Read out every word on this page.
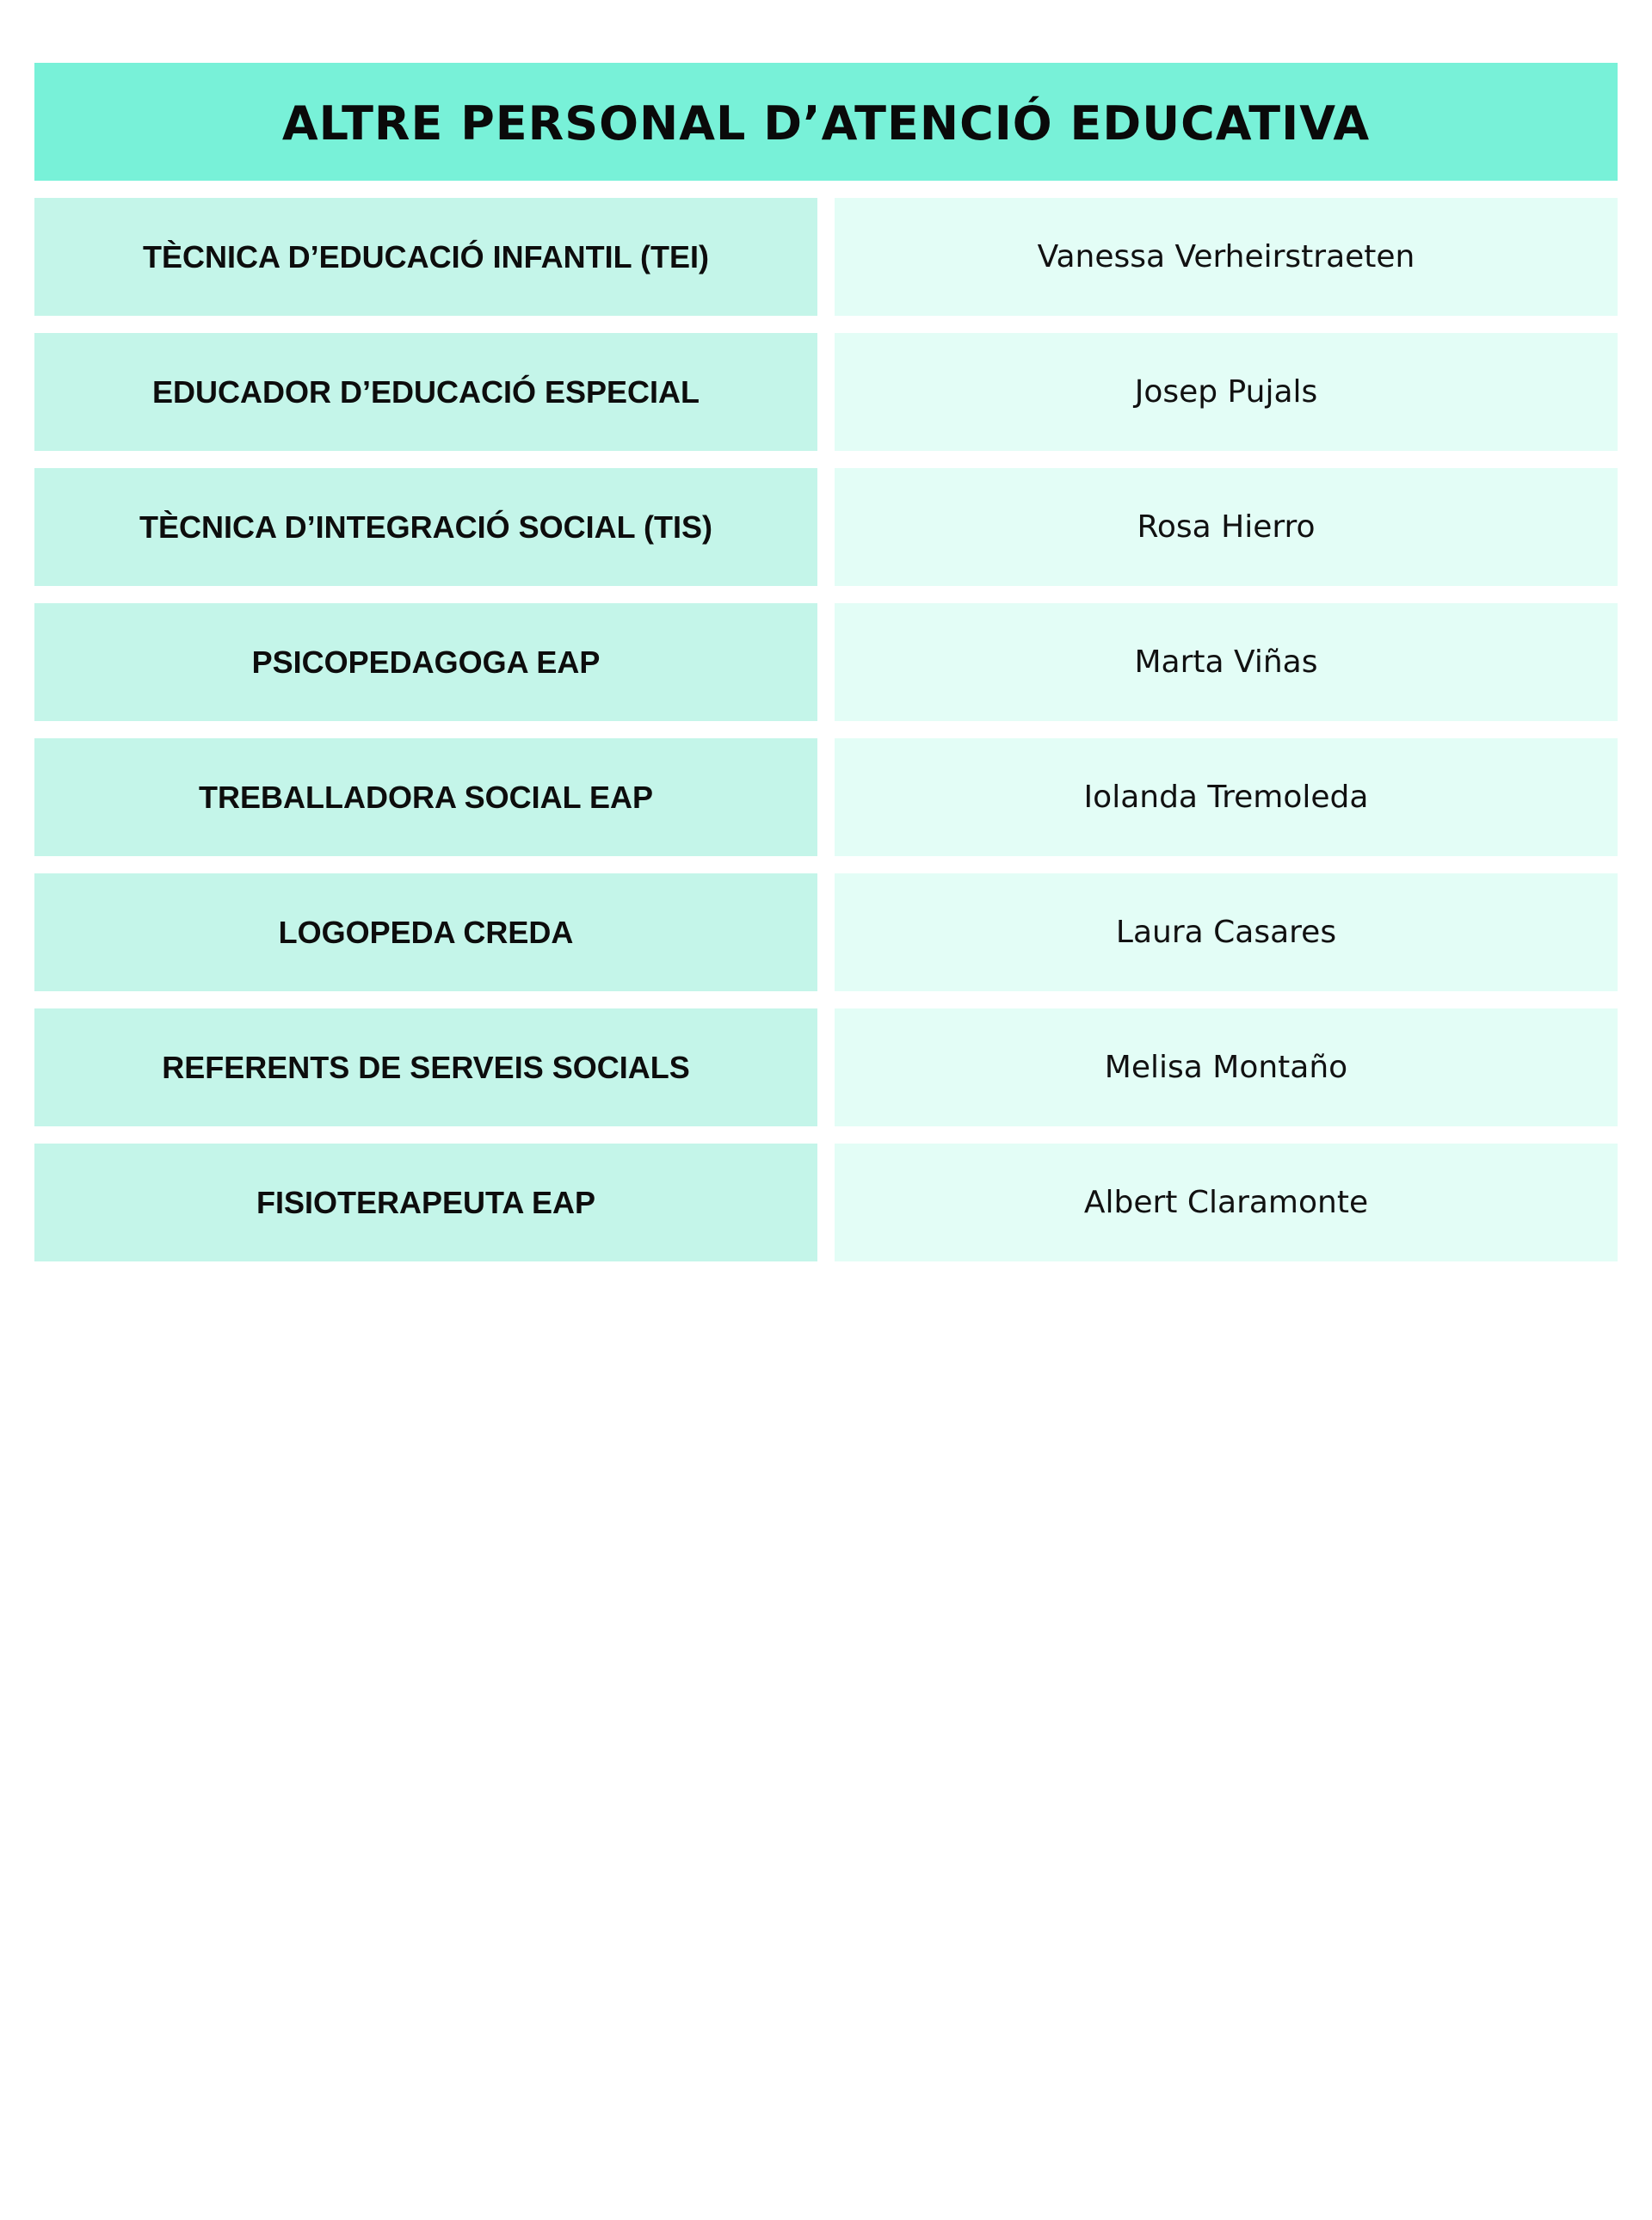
ALTRE PERSONAL D’ATENCIÓ EDUCATIVA
TÈCNICA D’EDUCACIÓ INFANTIL (TEI)	Vanessa Verheirstraeten
EDUCADOR D’EDUCACIÓ ESPECIAL	Josep Pujals
TÈCNICA D’INTEGRACIÓ SOCIAL (TIS)	Rosa Hierro
PSICOPEDAGOGA EAP	Marta Viñas
TREBALLADORA SOCIAL EAP	Iolanda Tremoleda
LOGOPEDA CREDA	Laura Casares
REFERENTS DE SERVEIS SOCIALS	Melisa Montaño
FISIOTERAPEUTA EAP	Albert Claramonte
